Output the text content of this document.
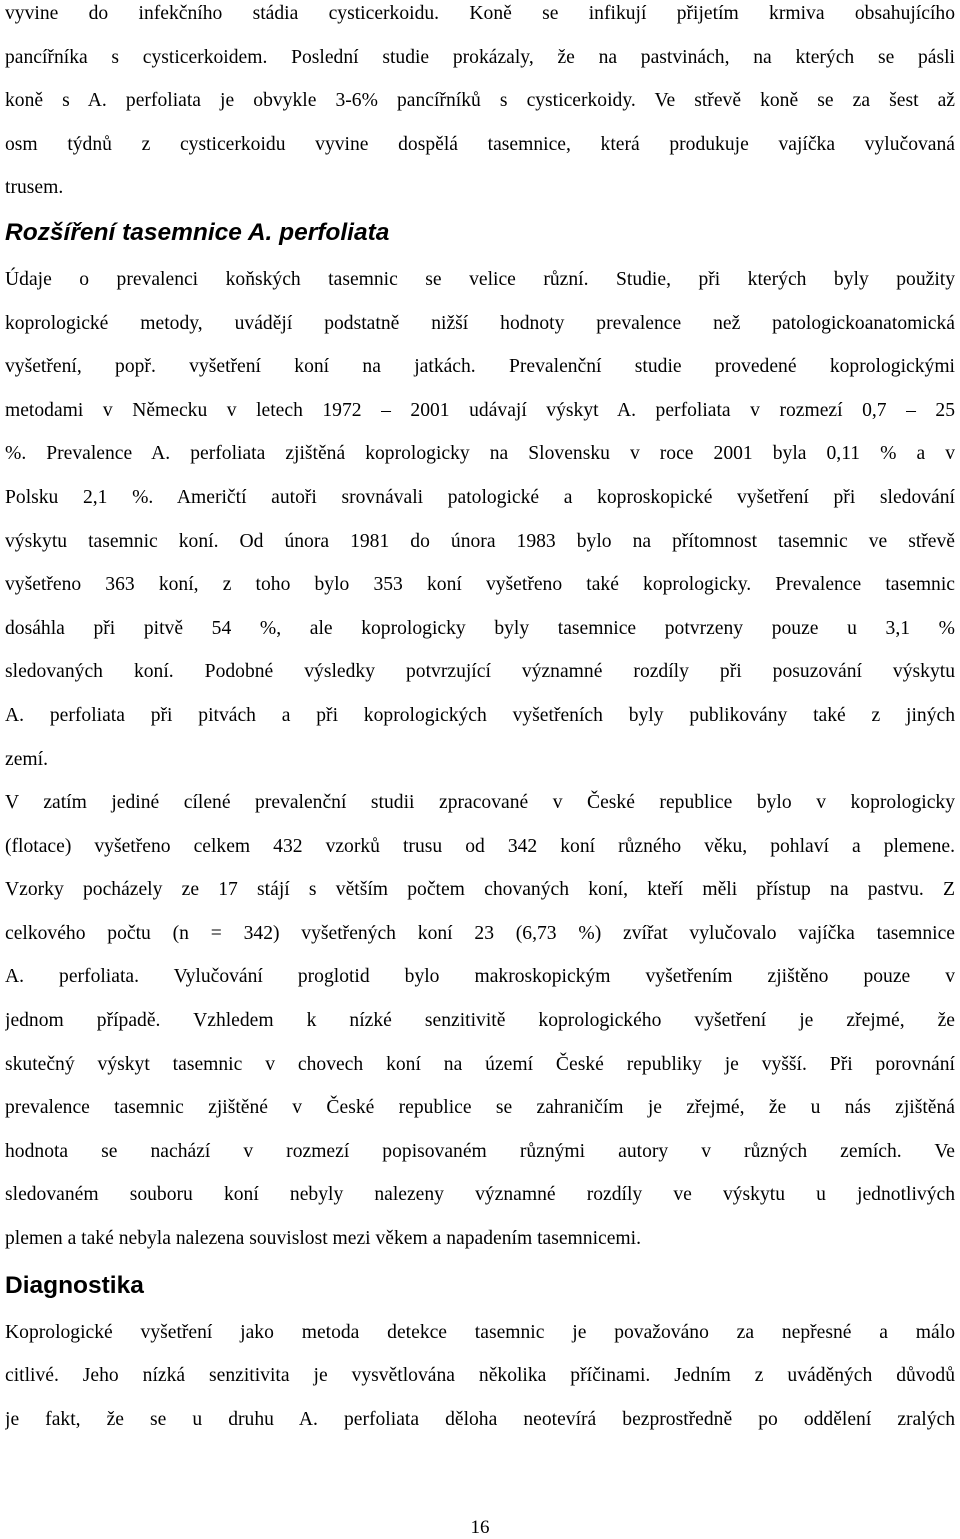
vyvine do infekčního stádia cysticerkoidu. Koně se infikují přijetím krmiva obsahujícího
pancířníka s cysticerkoidem. Poslední studie prokázaly, že na pastvinách, na kterých se pásli
koně s A. perfoliata je obvykle 3-6% pancířníků s cysticerkoidy. Ve střevě koně se za šest až
osm týdnů z cysticerkoidu vyvine dospělá tasemnice, která produkuje vajíčka vylučovaná
trusem.
Rozšíření tasemnice A. perfoliata
Údaje o prevalenci koňských tasemnic se velice různí. Studie, při kterých byly použity
koprologické metody, uvádějí podstatně nižší hodnoty prevalence než patologickoanatomická
vyšetření, popř. vyšetření koní na jatkách. Prevalenční studie provedené koprologickými
metodami v Německu v letech 1972 – 2001 udávají výskyt A. perfoliata v rozmezí 0,7 – 25
%. Prevalence A. perfoliata zjištěná koprologicky na Slovensku v roce 2001 byla 0,11 % a v
Polsku 2,1 %. Američtí autoři srovnávali patologické a koproskopické vyšetření při sledování
výskytu tasemnic koní. Od února 1981 do února 1983 bylo na přítomnost tasemnic ve střevě
vyšetřeno 363 koní, z toho bylo 353 koní vyšetřeno také koprologicky. Prevalence tasemnic
dosáhla při pitvě 54 %, ale koprologicky byly tasemnice potvrzeny pouze u 3,1 %
sledovaných koní. Podobné výsledky potvrzující významné rozdíly při posuzování výskytu
A. perfoliata při pitvách a při koprologických vyšetřeních byly publikovány také z jiných
zemí.
V zatím jediné cílené prevalenční studii zpracované v České republice bylo v koprologicky
(flotace) vyšetřeno celkem 432 vzorků trusu od 342 koní různého věku, pohlaví a plemene.
Vzorky pocházely ze 17 stájí s větším počtem chovaných koní, kteří měli přístup na pastvu. Z
celkového počtu (n = 342) vyšetřených koní 23 (6,73 %) zvířat vylučovalo vajíčka tasemnice
A. perfoliata. Vylučování proglotid bylo makroskopickým vyšetřením zjištěno pouze v
jednom případě. Vzhledem k nízké senzitivitě koprologického vyšetření je zřejmé, že
skutečný výskyt tasemnic v chovech koní na území České republiky je vyšší. Při porovnání
prevalence tasemnic zjištěné v České republice se zahraničím je zřejmé, že u nás zjištěná
hodnota se nachází v rozmezí popisovaném různými autory v různých zemích. Ve
sledovaném souboru koní nebyly nalezeny významné rozdíly ve výskytu u jednotlivých
plemen a také nebyla nalezena souvislost mezi věkem a napadením tasemnicemi.
Diagnostika
Koprologické vyšetření jako metoda detekce tasemnic je považováno za nepřesné a málo
citlivé. Jeho nízká senzitivita je vysvětlována několika příčinami. Jedním z uváděných důvodů
je fakt, že se u druhu A. perfoliata děloha neotevírá bezprostředně po oddělení zralých
16
